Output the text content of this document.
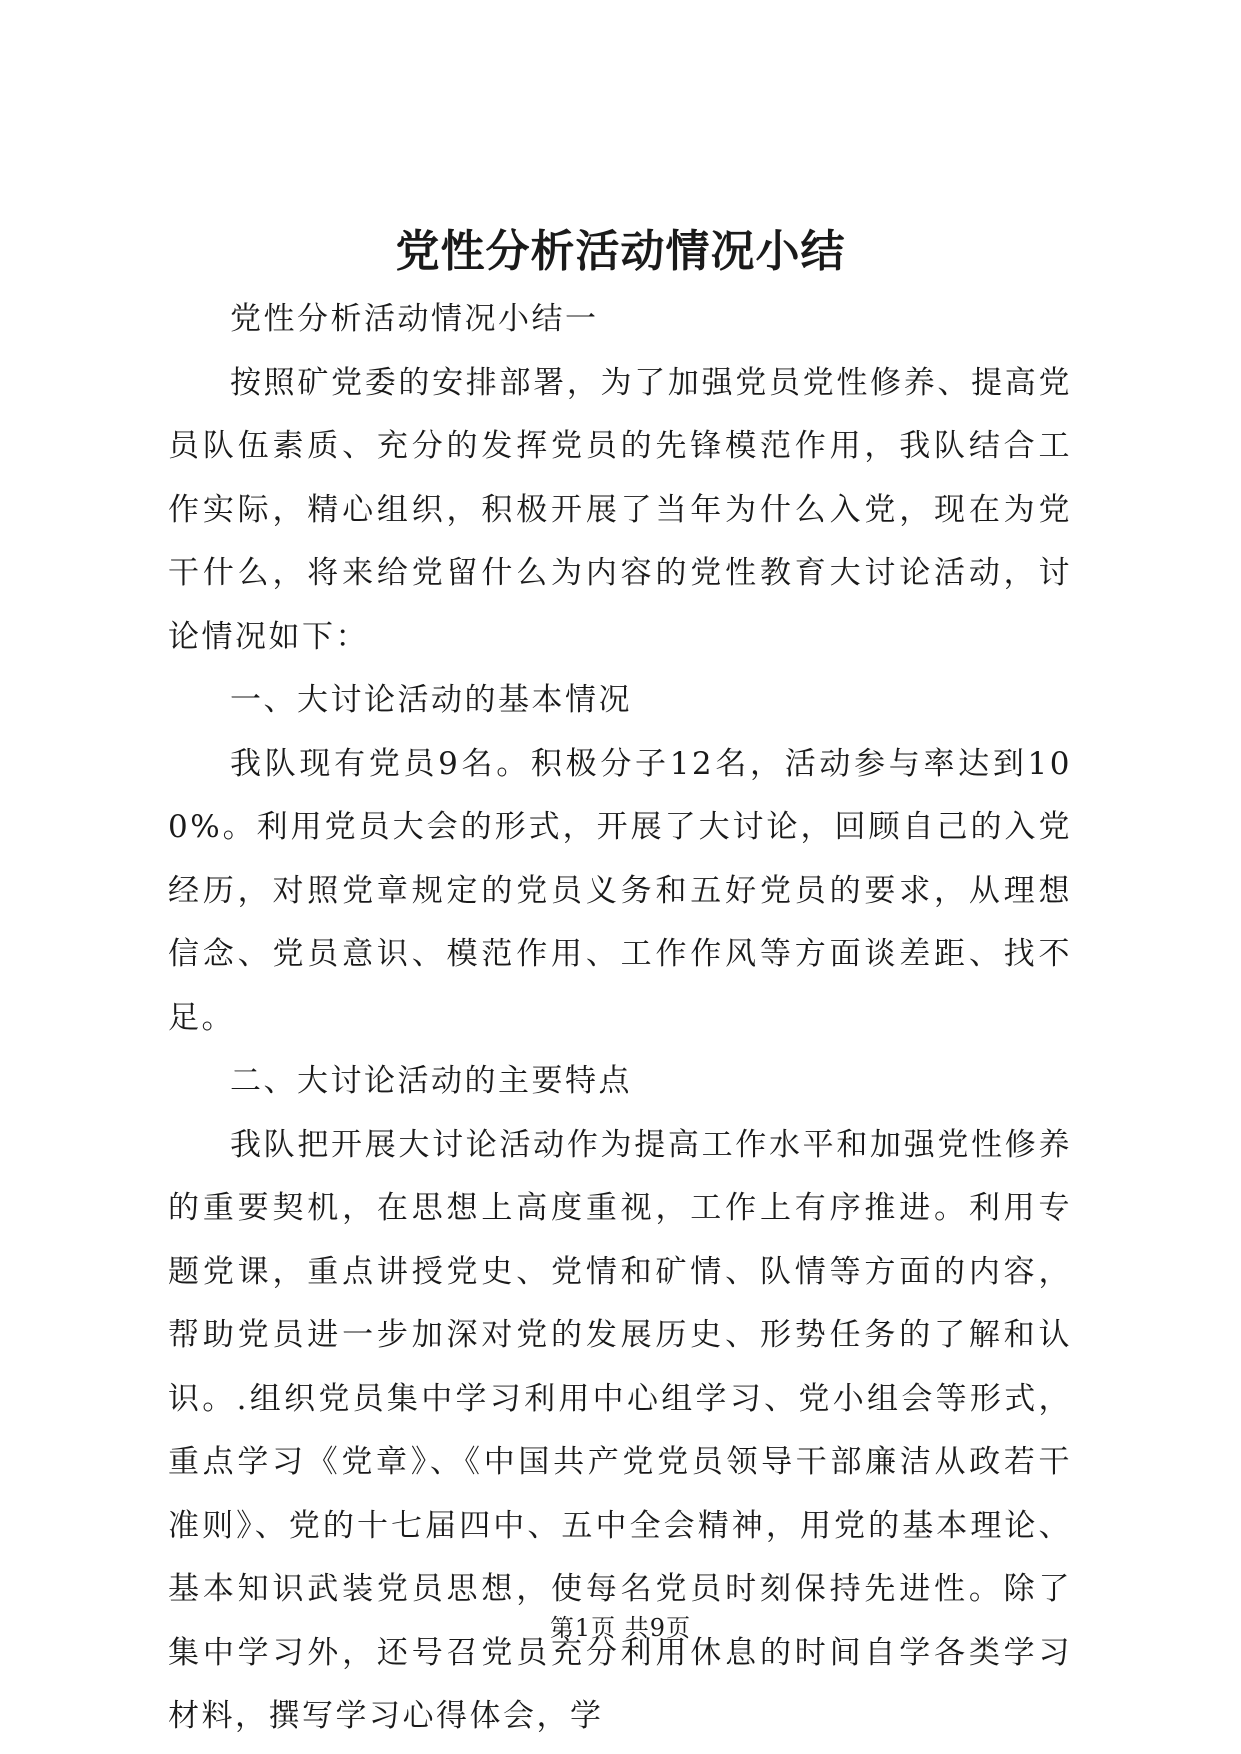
党性分析活动情况小结

党性分析活动情况小结一

按照矿党委的安排部署，为了加强党员党性修养、提高党员队伍素质、充分的发挥党员的先锋模范作用，我队结合工作实际，精心组织，积极开展了当年为什么入党，现在为党干什么，将来给党留什么为内容的党性教育大讨论活动，讨论情况如下：

一、大讨论活动的基本情况

我队现有党员9名。积极分子12名，活动参与率达到100%。利用党员大会的形式，开展了大讨论，回顾自己的入党经历，对照党章规定的党员义务和五好党员的要求，从理想信念、党员意识、模范作用、工作作风等方面谈差距、找不足。

二、大讨论活动的主要特点

我队把开展大讨论活动作为提高工作水平和加强党性修养的重要契机，在思想上高度重视，工作上有序推进。利用专题党课，重点讲授党史、党情和矿情、队情等方面的内容，帮助党员进一步加深对党的发展历史、形势任务的了解和认识。.组织党员集中学习利用中心组学习、党小组会等形式，重点学习《党章》、《中国共产党党员领导干部廉洁从政若干准则》、党的十七届四中、五中全会精神，用党的基本理论、基本知识武装党员思想，使每名党员时刻保持先进性。除了集中学习外，还号召党员充分利用休息的时间自学各类学习材料，撰写学习心得体会，学

第1页 共9页
